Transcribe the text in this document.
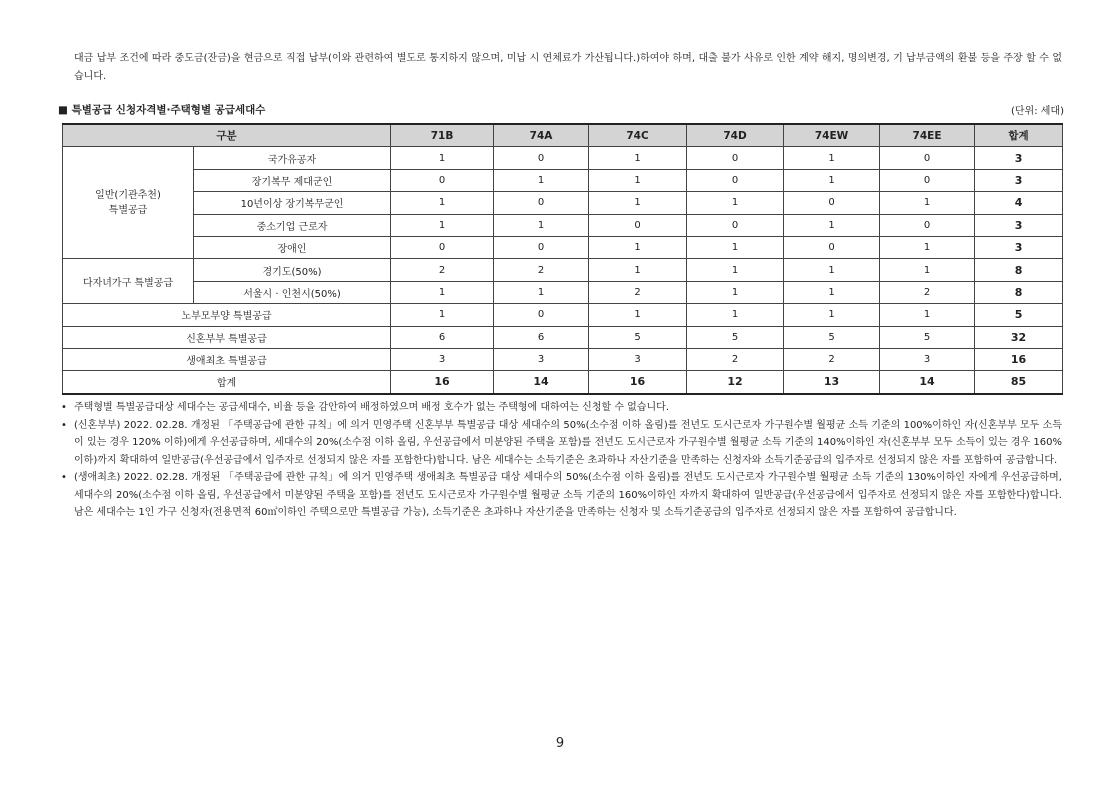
대금 납부 조건에 따라 중도금(잔금)을 현금으로 직접 납부(이와 관련하여 별도로 통지하지 않으며, 미납 시 연체료가 가산됩니다.)하여야 하며, 대출 불가 사유로 인한 계약 해지, 명의변경, 기 납부금액의 환불 등을 주장 할 수 없습니다.
■ 특별공급 신청자격별·주택형별 공급세대수	(단위: 세대)
구분		71B	74A	74C	74D	74EW	74EE	합계
일반(기관추천)
특별공급	국가유공자	1	0	1	0	1	0	3
	장기복무 제대군인	0	1	1	0	1	0	3
	10년이상 장기복무군인	1	0	1	1	0	1	4
	중소기업 근로자	1	1	0	0	1	0	3
	장애인	0	0	1	1	0	1	3
다자녀가구 특별공급	경기도(50%)	2	2	1	1	1	1	8
	서울시 · 인천시(50%)	1	1	2	1	1	2	8
노부모부양 특별공급		1	0	1	1	1	1	5
신혼부부 특별공급		6	6	5	5	5	5	32
생애최초 특별공급		3	3	3	2	2	3	16
합계		16	14	16	12	13	14	85
• 주택형별 특별공급대상 세대수는 공급세대수, 비율 등을 감안하여 배정하였으며 배정 호수가 없는 주택형에 대하여는 신청할 수 없습니다.
• (신혼부부) 2022. 02.28. 개정된 「주택공급에 관한 규칙」에 의거 민영주택 신혼부부 특별공급 대상 세대수의 50%(소수점 이하 올림)를 전년도 도시근로자 가구원수별 월평균 소득 기준의 100%이하인 자(신혼부부 모두 소득이 있는 경우 120% 이하)에게 우선공급하며, 세대수의 20%(소수점 이하 올림, 우선공급에서 미분양된 주택을 포함)를 전년도 도시근로자 가구원수별 월평균 소득 기준의 140%이하인 자(신혼부부 모두 소득이 있는 경우 160% 이하)까지 확대하여 일반공급(우선공급에서 입주자로 선정되지 않은 자를 포함한다)합니다. 남은 세대수는 소득기준은 초과하나 자산기준을 만족하는 신청자와 소득기준공급의 입주자로 선정되지 않은 자를 포함하여 공급합니다.
• (생애최초) 2022. 02.28. 개정된 「주택공급에 관한 규칙」에 의거 민영주택 생애최초 특별공급 대상 세대수의 50%(소수점 이하 올림)를 전년도 도시근로자 가구원수별 월평균 소득 기준의 130%이하인 자에게 우선공급하며, 세대수의 20%(소수점 이하 올림, 우선공급에서 미분양된 주택을 포함)를 전년도 도시근로자 가구원수별 월평균 소득 기준의 160%이하인 자까지 확대하여 일반공급(우선공급에서 입주자로 선정되지 않은 자를 포함한다)합니다. 남은 세대수는 1인 가구 신청자(전용면적 60㎡이하인 주택으로만 특별공급 가능), 소득기준은 초과하나 자산기준을 만족하는 신청자 및 소득기준공급의 입주자로 선정되지 않은 자를 포함하여 공급합니다.
9
